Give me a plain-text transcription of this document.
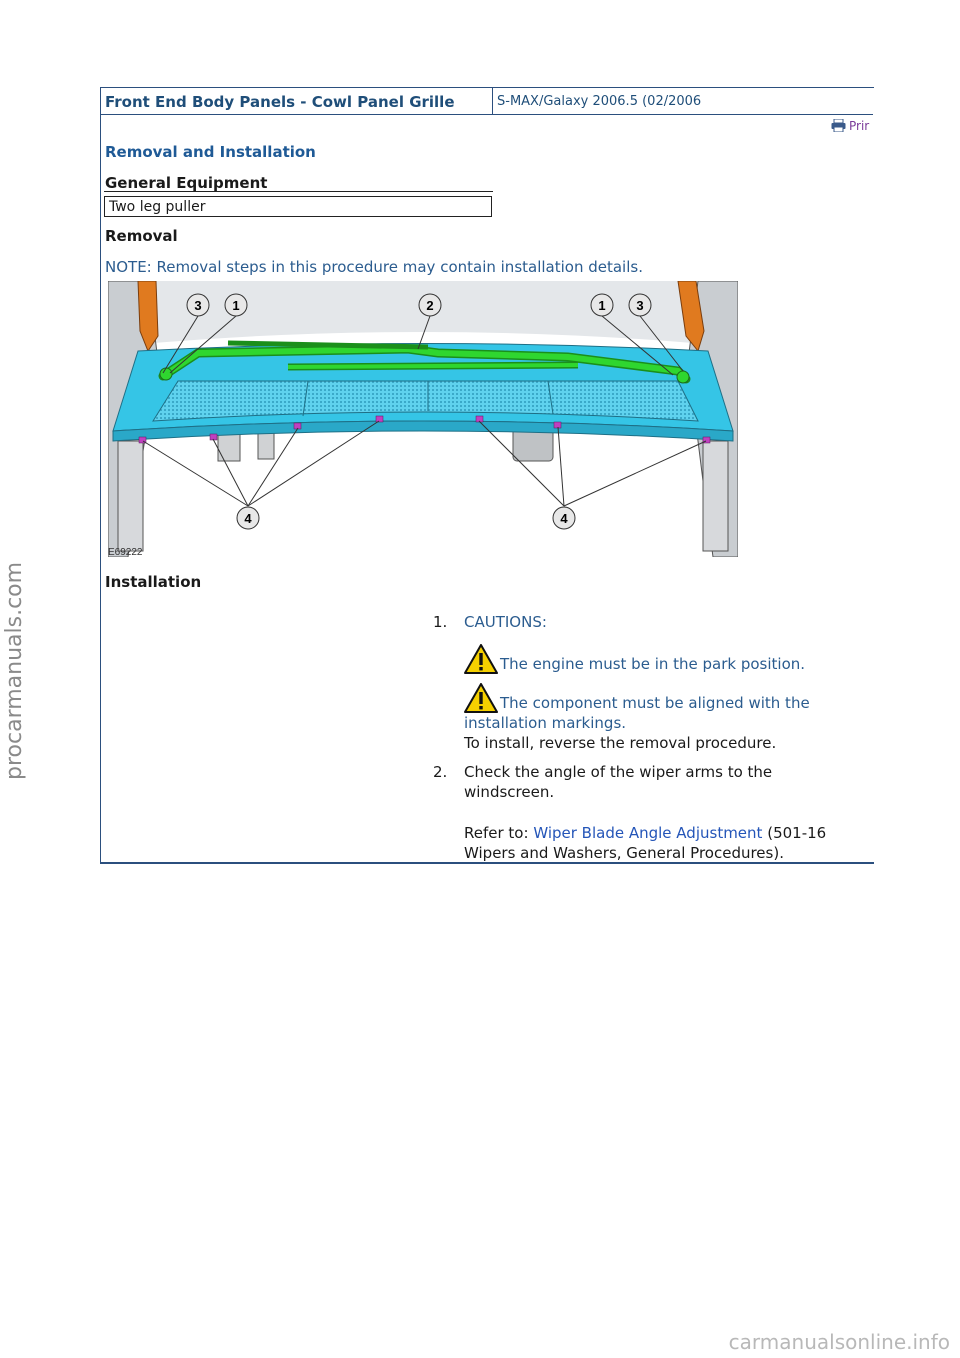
Front End Body Panels - Cowl Panel Grille	S-MAX/Galaxy 2006.5 (02/2006
Prir
Removal and Installation
General Equipment
Two leg puller
Removal
NOTE: Removal steps in this procedure may contain installation details.
3 1	2	1 3
4	4
E69222
Installation
1. CAUTIONS:
The engine must be in the park position.
The component must be aligned with the
installation markings.
To install, reverse the removal procedure.
2. Check the angle of the wiper arms to the
windscreen.
Refer to: Wiper Blade Angle Adjustment (501-16
Wipers and Washers, General Procedures).
procarmanuals.com
carmanualsonline.info
